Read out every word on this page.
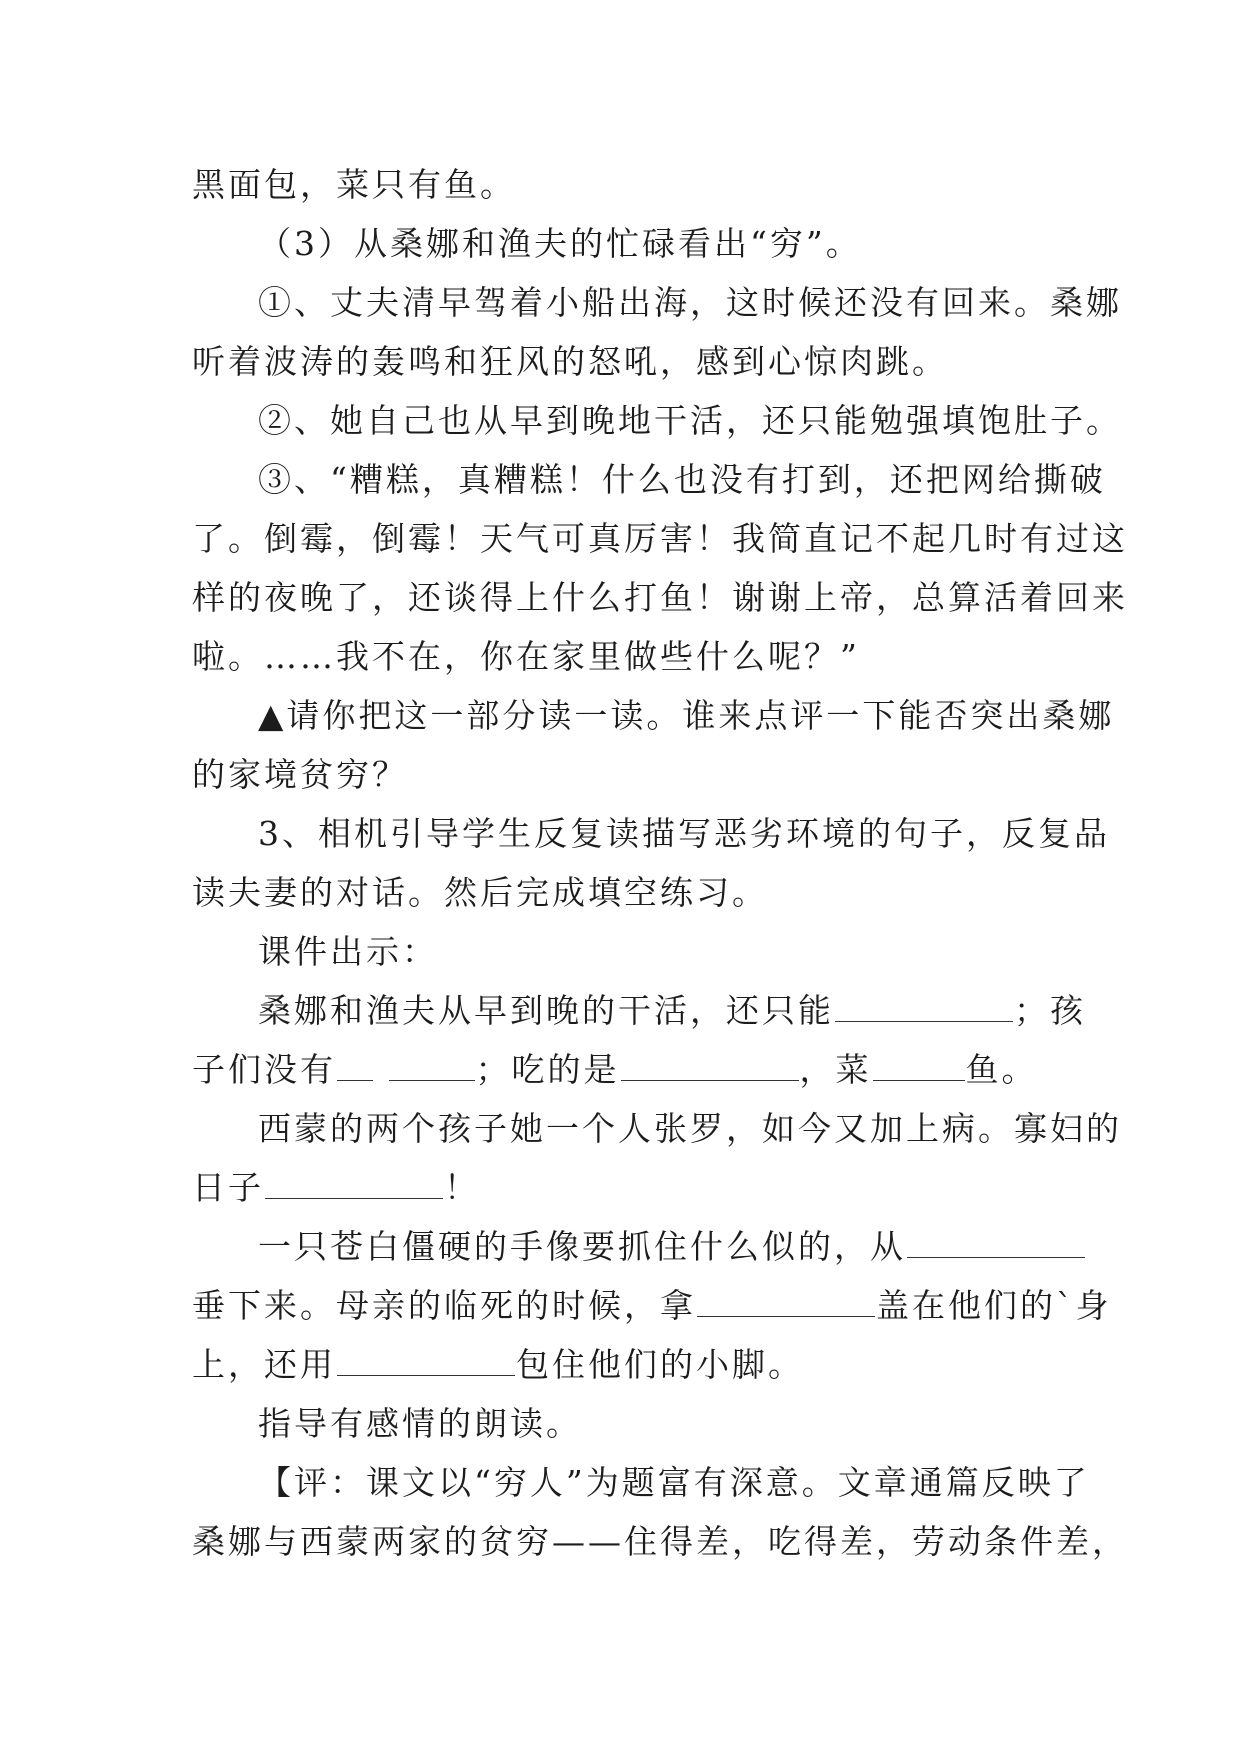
黑面包，菜只有鱼。
（3）从桑娜和渔夫的忙碌看出“穷”。
①、丈夫清早驾着小船出海，这时候还没有回来。桑娜
听着波涛的轰鸣和狂风的怒吼，感到心惊肉跳。
②、她自己也从早到晚地干活，还只能勉强填饱肚子。
③、“糟糕，真糟糕！什么也没有打到，还把网给撕破
了。倒霉，倒霉！天气可真厉害！我简直记不起几时有过这
样的夜晚了，还谈得上什么打鱼！谢谢上帝，总算活着回来
啦。……我不在，你在家里做些什么呢？”
▲请你把这一部分读一读。谁来点评一下能否突出桑娜
的家境贫穷？
3、相机引导学生反复读描写恶劣环境的句子，反复品
读夫妻的对话。然后完成填空练习。
课件出示：
桑娜和渔夫从早到晚的干活，还只能	；孩
子们没有	；吃的是	，菜	鱼。
西蒙的两个孩子她一个人张罗，如今又加上病。寡妇的
日子	！
一只苍白僵硬的手像要抓住什么似的，从
垂下来。母亲的临死的时候，拿	盖在他们的`身
上，还用	包住他们的小脚。
指导有感情的朗读。
【评：课文以“穷人”为题富有深意。文章通篇反映了
桑娜与西蒙两家的贫穷——住得差，吃得差，劳动条件差，
